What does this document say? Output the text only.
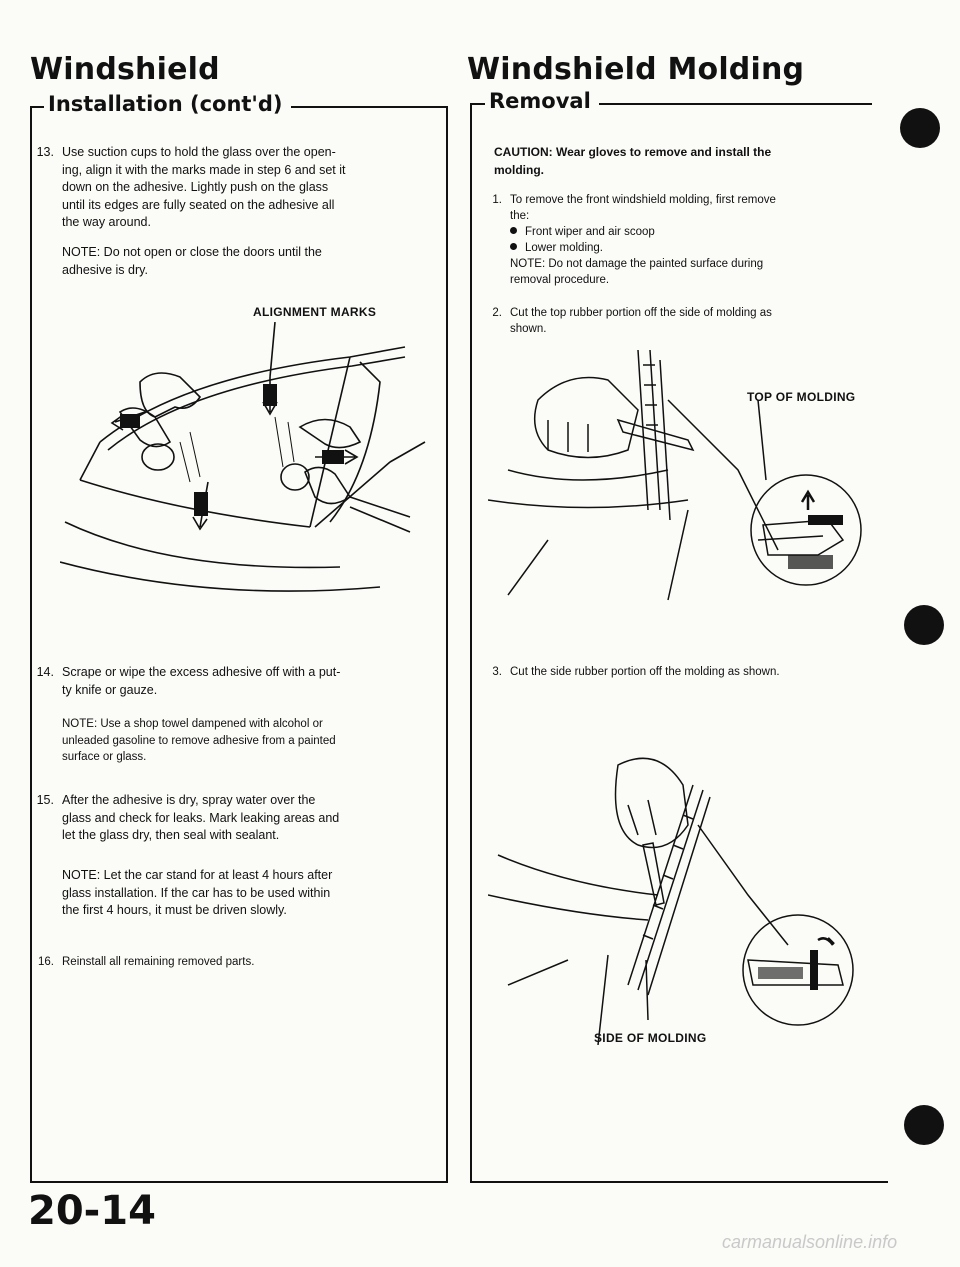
Windshield
Installation (cont'd)
13. Use suction cups to hold the glass over the open-
ing, align it with the marks made in step 6 and set it
down on the adhesive. Lightly push on the glass
until its edges are fully seated on the adhesive all
the way around.
NOTE: Do not open or close the doors until the
adhesive is dry.
ALIGNMENT MARKS
14. Scrape or wipe the excess adhesive off with a put-
ty knife or gauze.
NOTE: Use a shop towel dampened with alcohol or
unleaded gasoline to remove adhesive from a painted
surface or glass.
15. After the adhesive is dry, spray water over the
glass and check for leaks. Mark leaking areas and
let the glass dry, then seal with sealant.
NOTE: Let the car stand for at least 4 hours after
glass installation. If the car has to be used within
the first 4 hours, it must be driven slowly.
16. Reinstall all remaining removed parts.
Windshield Molding
Removal
CAUTION: Wear gloves to remove and install the
molding.
1. To remove the front windshield molding, first remove
the:
Front wiper and air scoop
Lower molding.
NOTE: Do not damage the painted surface during
removal procedure.
2. Cut the top rubber portion off the side of molding as
shown.
TOP OF MOLDING
3. Cut the side rubber portion off the molding as shown.
SIDE OF MOLDING
20-14
carmanualsonline.info
